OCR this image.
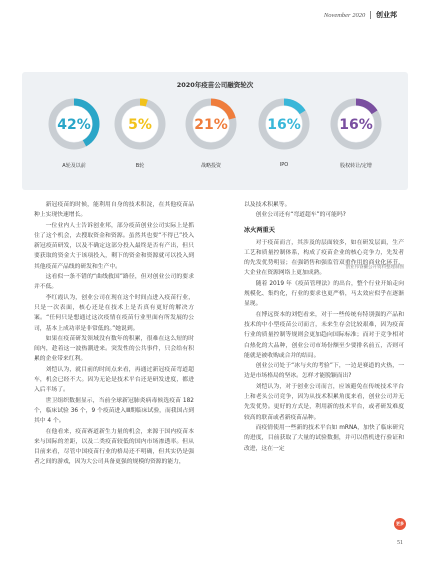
November 2020 创业邦
2020年疫苗公司融资轮次
42%	5%	21%	16%	16%
A轮及以前	B轮	战略投资	IPO	股权转让/定增
创业邦睿獭公开资料整理制图

新冠疫苗的时候，能利用自身的技术积淀，在其他疫苗品种上实现快速增长。

一位业内人士告诉创业邦，部分疫苗创业公司实际上是抓住了这个机会，去搜取资金和资源。虽然其也要“不得已”投入新冠疫苗研发，以及不确定这部分投入最终是否有产出，但只要获取的资金大于该项投入，剩下的资金和资源就可以投入到其他疫苗产品线的研发和生产中。

这看似一条不错的“曲线救国”路径，但对创业公司的要求并不低。

李红霞认为，创业公司在现在这个时间点进入疫苗行业，只是一次表面，核心还是在技术上是否真有更好的解决方案。“任何只是想通过这次疫情在疫苗行业里面有所发展的公司，基本上成功率是非常低的。”她说到。

如果在疫苗研发领域没有数年的积累，很难在这么短的时间内，趁着这一波热潮进来。突发性的公共事件，只会给有积累的企业带来红利。

刘恺认为，就目前的时间点来看，再通过新冠疫苗弯道超车，机会已经不大。因为无论是技术平台还是研发进度，都进入后半场了。

世卫组织数据显示，当前全球新冠肺炎病毒候选疫苗 182 个，临床试验 36 个，9 个疫苗进入Ⅲ期临床试验，而我国占到其中 4 个。

在他看来，疫苗赛道新生力量的机会，来源于国内疫苗本来与国际的差距，以及二类疫苗较低的国内市场渗透率。但从目前来看，尽管中国疫苗行业的格局还不明确，但其实仍是强者之间的游戏，因为大公司具备更强的规模的资源的能力，

以及技术积累等。

创业公司还有“弯道超车”的可能吗?

冰火两重天

对于疫苗而言，其涉及的层面较多，如在研发层面，生产工艺和质量控制体系，构成了疫苗企业的核心竞争力，先发者的先发优势明显；在强销售和强监管双重作用的商业化环节，大企业在资源网络上更加成熟。

随着 2019 年《疫苗管理法》的出台，整个行业开始走向规模化、集约化，行业的要求也更严格，马太效应似乎在逐渐显现。

在博远资本的刘恺看来，对于一些传统有特别强的产品和技术的中小型疫苗公司而言，未来生存会比较艰难，因为疫苗行业的质量控制等规则会更加趋向国际标准；而对于竞争相对白热化的大品种，创业公司市场份额至少要排名前五，否则可能就是被收购或合并的结局。

创业公司处于“冰与火的考验”下，一边是赛道的火热，一边是市场格局的坚冰。怎样才能脱颖而出?

刘恺认为，对于创业公司而言，应该避免在传统技术平台上和老头公司竞争，因为从技术积累角度来看，创业公司并无先发优势。更好的方式是，利用新的技术平台，或者研发难度较高的联苗或者新疫苗品种。

而疫情使用一些新的技术平台如 mRNA，加快了临床研究的进度，目前获取了大量的试验数据，并可以借机进行验证和改进，这在一定

更多
51
